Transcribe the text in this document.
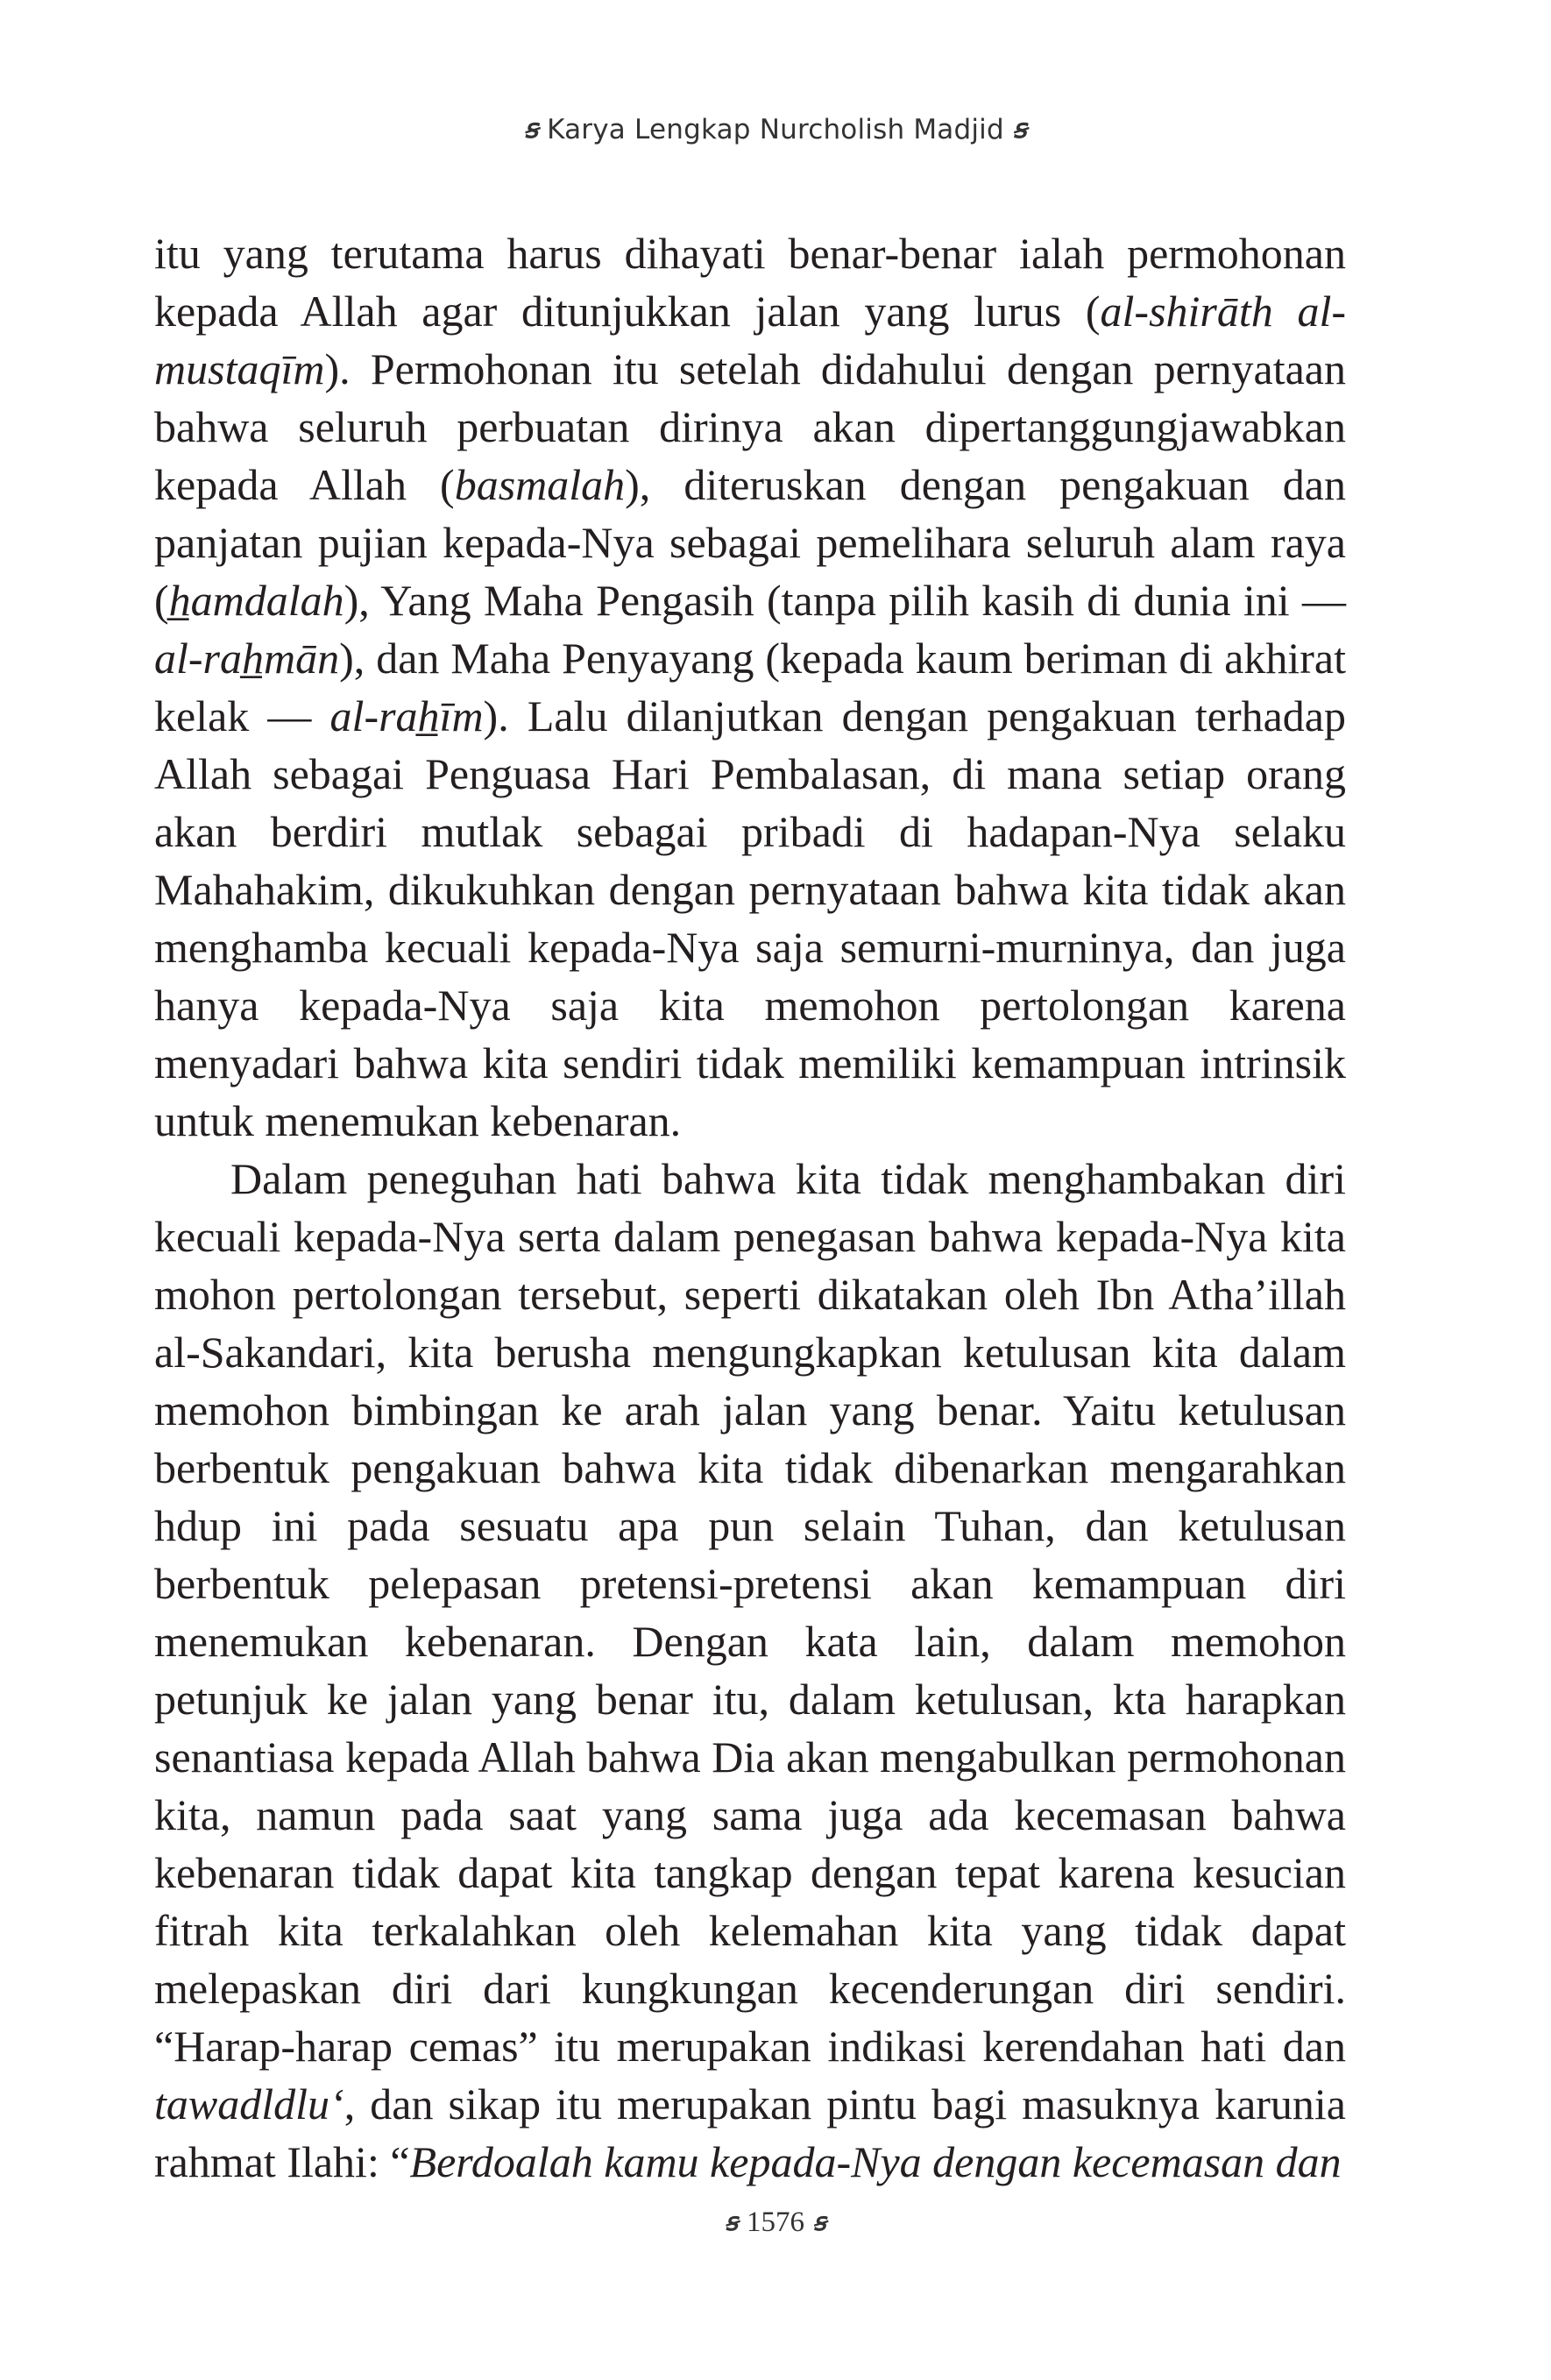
ꞩ Karya Lengkap Nurcholish Madjid ꞩ

itu yang terutama harus dihayati benar-benar ialah permohonan kepada Allah agar ditunjukkan jalan yang lurus (al-shirāth al-mustaqīm). Permohonan itu setelah didahului dengan pernyataan bahwa seluruh perbuatan dirinya akan dipertanggungjawabkan kepada Allah (basmalah), diteruskan dengan pengakuan dan panjatan pujian kepada-Nya sebagai pemelihara seluruh alam raya (h̲amdalah), Yang Maha Pengasih (tanpa pilih kasih di dunia ini — al-rah̲mān), dan Maha Penyayang (kepada kaum beriman di akhirat kelak — al-rah̲īm). Lalu dilanjutkan dengan pengakuan terhadap Allah sebagai Penguasa Hari Pembalasan, di mana setiap orang akan berdiri mutlak sebagai pribadi di hadapan-Nya selaku Mahahakim, dikukuhkan dengan pernyataan bahwa kita tidak akan menghamba kecuali kepada-Nya saja semurni-murninya, dan juga hanya kepada-Nya saja kita memohon pertolongan karena menyadari bahwa kita sendiri tidak memiliki kemampuan intrinsik untuk menemukan kebenaran.

Dalam peneguhan hati bahwa kita tidak menghambakan diri kecuali kepada-Nya serta dalam penegasan bahwa kepada-Nya kita mohon pertolongan tersebut, seperti dikatakan oleh Ibn Atha’illah al-Sakandari, kita berusha mengungkapkan ketulusan kita dalam memohon bimbingan ke arah jalan yang benar. Yaitu ketulusan berbentuk pengakuan bahwa kita tidak dibenarkan mengarahkan hdup ini pada sesuatu apa pun selain Tuhan, dan ketulusan berbentuk pelepasan pretensi-pretensi akan kemampuan diri menemukan kebenaran. Dengan kata lain, dalam memohon petunjuk ke jalan yang benar itu, dalam ketulusan, kta harapkan senantiasa kepada Allah bahwa Dia akan mengabulkan permohonan kita, namun pada saat yang sama juga ada kecemasan bahwa kebenaran tidak dapat kita tangkap dengan tepat karena kesucian fitrah kita terkalahkan oleh kelemahan kita yang tidak dapat melepaskan diri dari kungkungan kecenderungan diri sendiri. “Harap-harap cemas” itu merupakan indikasi kerendahan hati dan tawadldlu‘, dan sikap itu merupakan pintu bagi masuknya karunia rahmat Ilahi: “Berdoalah kamu kepada-Nya dengan kecemasan dan

ꞩ 1576 ꞩ
